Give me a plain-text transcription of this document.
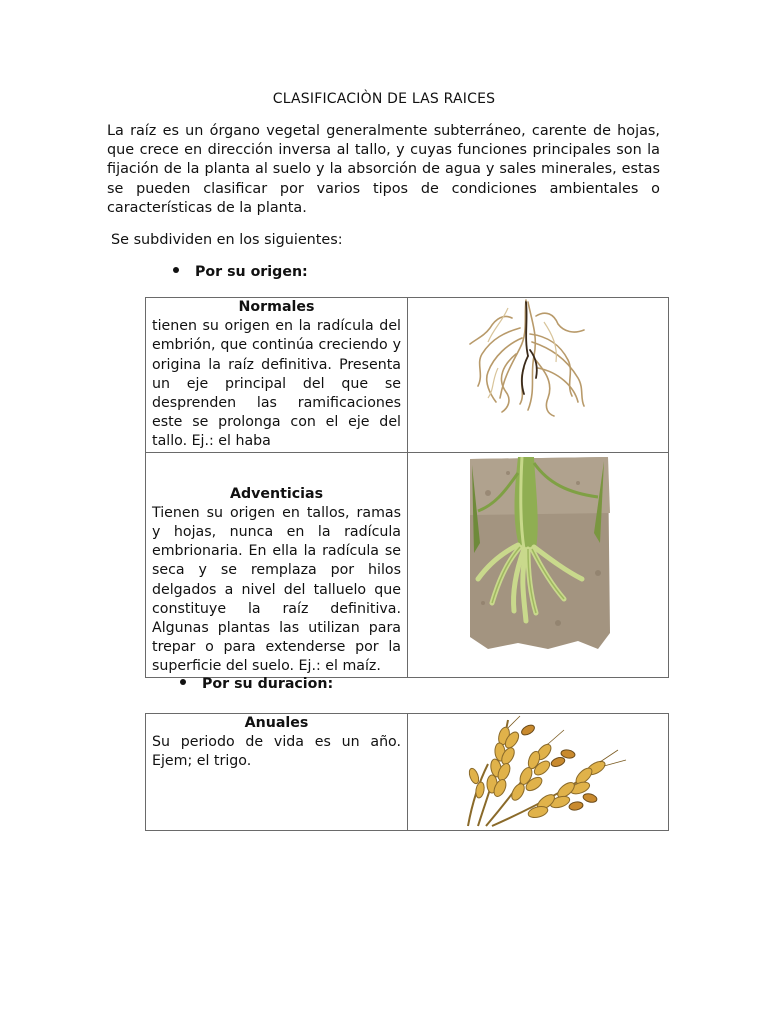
CLASIFICACIÒN DE LAS RAICES
La raíz es un órgano vegetal generalmente subterráneo, carente de hojas, que crece en dirección inversa al tallo, y cuyas funciones principales son la fijación de la planta al suelo y la absorción de agua y sales minerales, estas se pueden clasificar por varios tipos de condiciones ambientales o características de la planta.
Se subdividen en los siguientes:
Por su origen:
Normales
tienen su origen en la radícula del embrión, que continúa creciendo y origina la raíz definitiva. Presenta un eje principal del que se desprenden las ramificaciones este se prolonga con el eje del tallo. Ej.: el haba

Adventicias
Tienen su origen en tallos, ramas y hojas, nunca en la radícula embrionaria. En ella la radícula se seca y se remplaza por hilos delgados a nivel del talluelo que constituye la raíz definitiva. Algunas plantas las utilizan para trepar o para extenderse por la superficie del suelo. Ej.: el maíz.

Por su duracion:
Anuales
Su periodo de vida es un año. Ejem; el trigo.
